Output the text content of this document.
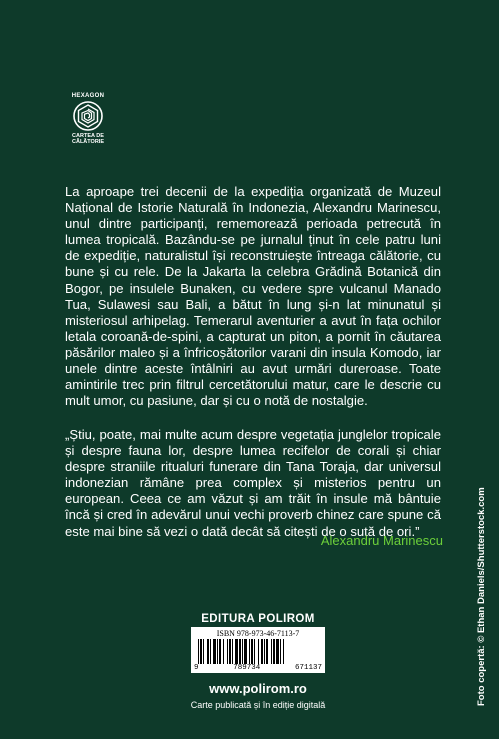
HEXAGON
CARTEA DE CĂLĂTORIE

La aproape trei decenii de la expediția organizată de Muzeul Național de Istorie Naturală în Indonezia, Alexandru Marinescu, unul dintre participanți, rememorează perioada petrecută în lumea tropicală. Bazându-se pe jurnalul ținut în cele patru luni de expediție, naturalistul își reconstruiește întreaga călătorie, cu bune și cu rele. De la Jakarta la celebra Grădină Botanică din Bogor, pe insulele Bunaken, cu vedere spre vulcanul Manado Tua, Sulawesi sau Bali, a bătut în lung și-n lat minunatul și misteriosul arhipelag. Temerarul aventurier a avut în fața ochilor letala coroană-de-spini, a capturat un piton, a pornit în căutarea păsărilor maleo și a înfricoșătorilor varani din insula Komodo, iar unele dintre aceste întâlniri au avut urmări dureroase. Toate amintirile trec prin filtrul cercetătorului matur, care le descrie cu mult umor, cu pasiune, dar și cu o notă de nostalgie.

„Știu, poate, mai multe acum despre vegetația junglelor tropicale și despre fauna lor, despre lumea recifelor de corali și chiar despre straniile ritualuri funerare din Tana Toraja, dar universul indonezian rămâne prea complex și misterios pentru un european. Ceea ce am văzut și am trăit în insule mă bântuie încă și cred în adevărul unui vechi proverb chinez care spune că este mai bine să vezi o dată decât să citești de o sută de ori.”

Alexandru Marinescu
EDITURA POLIROM
ISBN 978-973-46-7113-7
9	789734	671137
www.polirom.ro
Carte publicată și în ediție digitală	Foto copertă: © Ethan Daniels/Shutterstock.com
